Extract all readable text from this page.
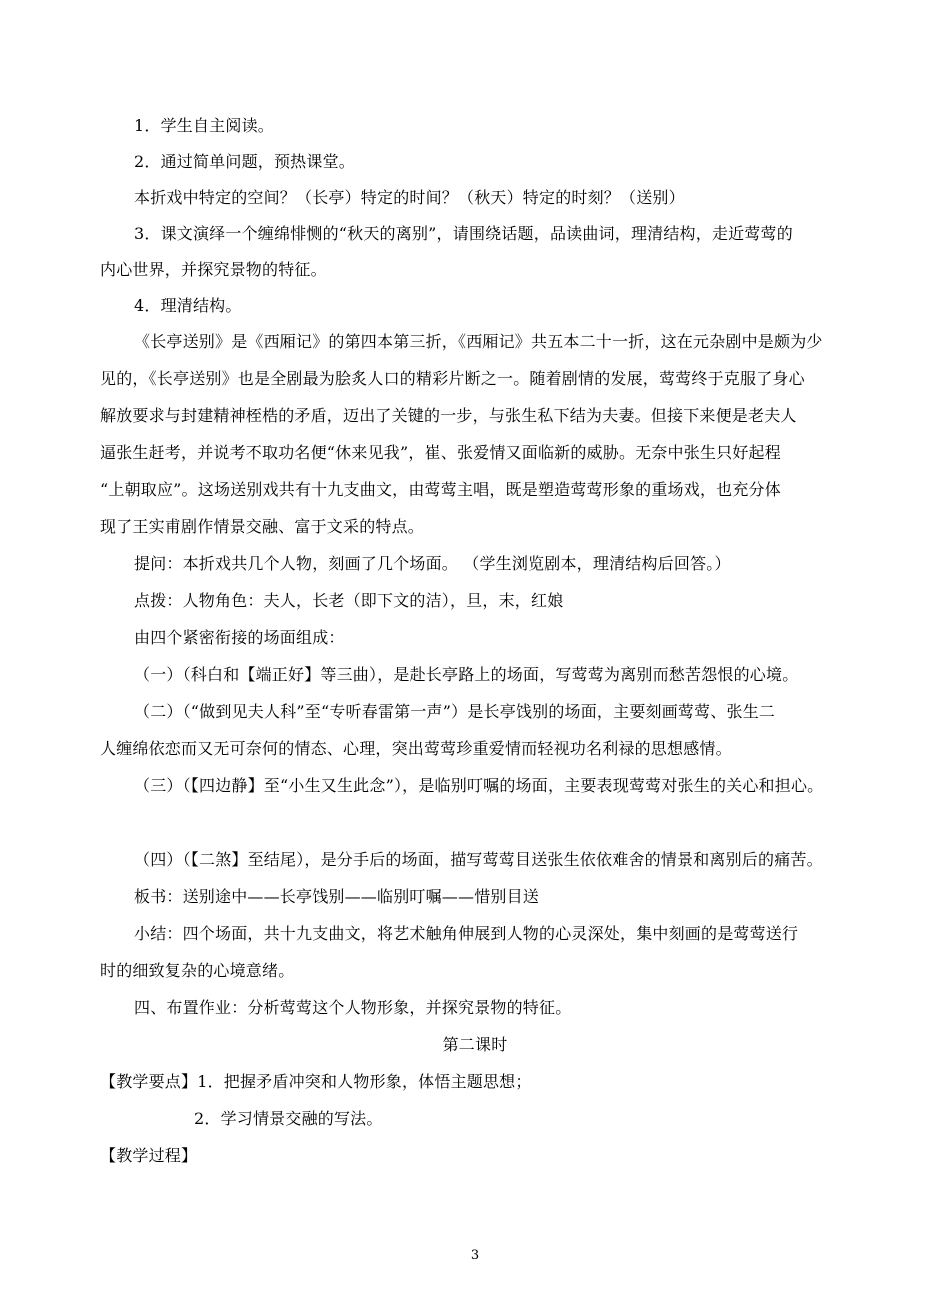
1．学生自主阅读。
2．通过简单问题，预热课堂。
本折戏中特定的空间？（长亭）特定的时间？（秋天）特定的时刻？（送别）
3．课文演绎一个缠绵悱恻的“秋天的离别”，请围绕话题，品读曲词，理清结构，走近莺莺的
内心世界，并探究景物的特征。
4．理清结构。
《长亭送别》是《西厢记》的第四本第三折，《西厢记》共五本二十一折，这在元杂剧中是颇为少
见的，《长亭送别》也是全剧最为脍炙人口的精彩片断之一。随着剧情的发展，莺莺终于克服了身心
解放要求与封建精神桎梏的矛盾，迈出了关键的一步，与张生私下结为夫妻。但接下来便是老夫人
逼张生赶考，并说考不取功名便“休来见我”，崔、张爱情又面临新的威胁。无奈中张生只好起程
“上朝取应”。这场送别戏共有十九支曲文，由莺莺主唱，既是塑造莺莺形象的重场戏，也充分体
现了王实甫剧作情景交融、富于文采的特点。
提问：本折戏共几个人物，刻画了几个场面。 （学生浏览剧本，理清结构后回答。）
点拨：人物角色：夫人，长老（即下文的洁），旦，末，红娘
由四个紧密衔接的场面组成：
（一）（科白和【端正好】等三曲），是赴长亭路上的场面，写莺莺为离别而愁苦怨恨的心境。
（二）（“做到见夫人科”至“专听春雷第一声”）是长亭饯别的场面，主要刻画莺莺、张生二
人缠绵依恋而又无可奈何的情态、心理，突出莺莺珍重爱情而轻视功名利禄的思想感情。
（三）（【四边静】至“小生又生此念”），是临别叮嘱的场面，主要表现莺莺对张生的关心和担心。
（四）（【二煞】至结尾），是分手后的场面，描写莺莺目送张生依依难舍的情景和离别后的痛苦。
板书：送别途中——长亭饯别——临别叮嘱——惜别目送
小结：四个场面，共十九支曲文，将艺术触角伸展到人物的心灵深处，集中刻画的是莺莺送行
时的细致复杂的心境意绪。
四、布置作业：分析莺莺这个人物形象，并探究景物的特征。
第二课时
【教学要点】1．把握矛盾冲突和人物形象，体悟主题思想；
2．学习情景交融的写法。
【教学过程】
3
